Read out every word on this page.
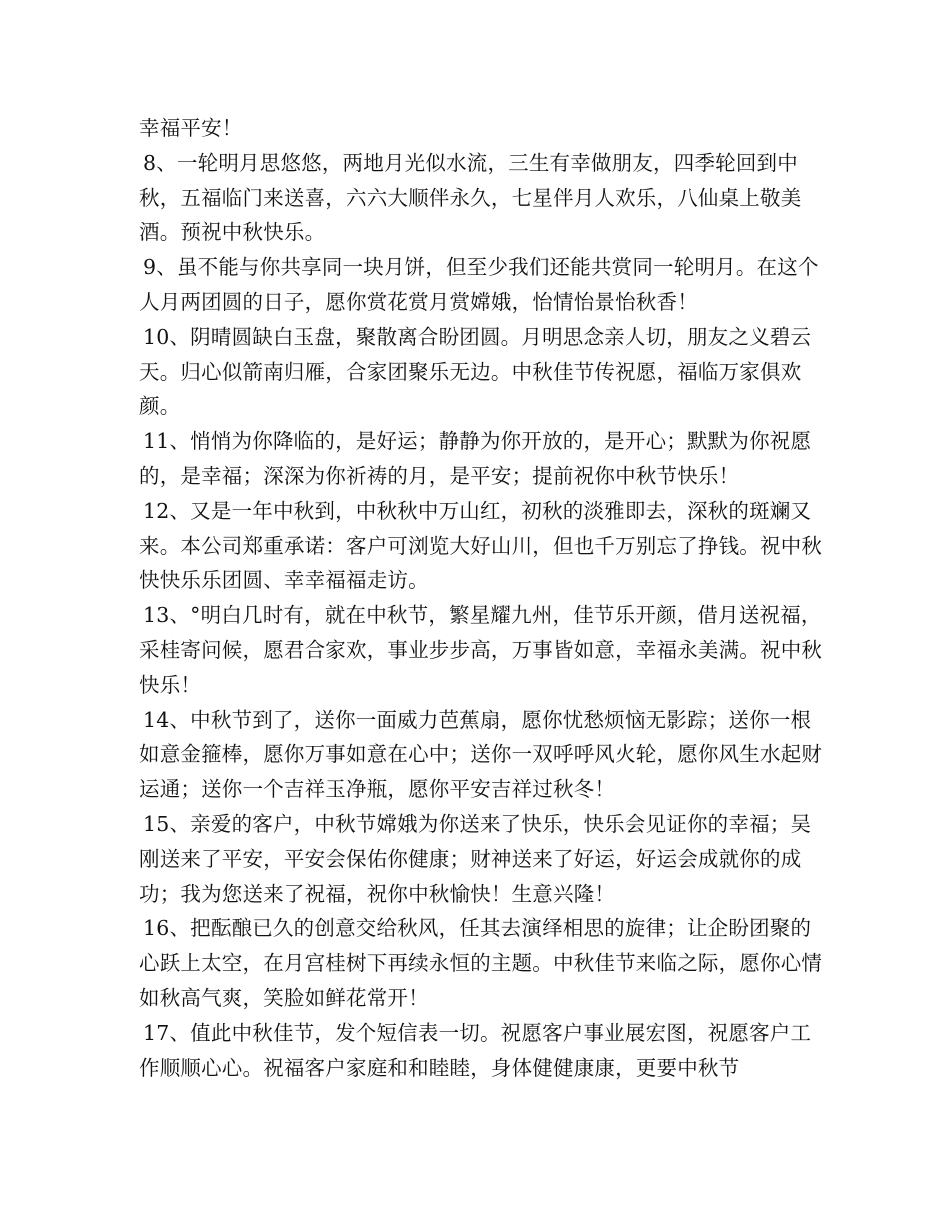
幸福平安！

8、一轮明月思悠悠，两地月光似水流，三生有幸做朋友，四季轮回到中秋，五福临门来送喜，六六大顺伴永久，七星伴月人欢乐，八仙桌上敬美酒。预祝中秋快乐。

9、虽不能与你共享同一块月饼，但至少我们还能共赏同一轮明月。在这个人月两团圆的日子，愿你赏花赏月赏嫦娥，怡情怡景怡秋香！

10、阴晴圆缺白玉盘，聚散离合盼团圆。月明思念亲人切，朋友之义碧云天。归心似箭南归雁，合家团聚乐无边。中秋佳节传祝愿，福临万家俱欢颜。

11、悄悄为你降临的，是好运；静静为你开放的，是开心；默默为你祝愿的，是幸福；深深为你祈祷的月，是平安；提前祝你中秋节快乐！

12、又是一年中秋到，中秋秋中万山红，初秋的淡雅即去，深秋的斑斓又来。本公司郑重承诺：客户可浏览大好山川，但也千万别忘了挣钱。祝中秋快快乐乐团圆、幸幸福福走访。

13、°明白几时有，就在中秋节，繁星耀九州，佳节乐开颜，借月送祝福，采桂寄问候，愿君合家欢，事业步步高，万事皆如意，幸福永美满。祝中秋快乐！

14、中秋节到了，送你一面威力芭蕉扇，愿你忧愁烦恼无影踪；送你一根如意金箍棒，愿你万事如意在心中；送你一双呼呼风火轮，愿你风生水起财运通；送你一个吉祥玉净瓶，愿你平安吉祥过秋冬！

15、亲爱的客户，中秋节嫦娥为你送来了快乐，快乐会见证你的幸福；吴刚送来了平安，平安会保佑你健康；财神送来了好运，好运会成就你的成功；我为您送来了祝福，祝你中秋愉快！生意兴隆！

16、把酝酿已久的创意交给秋风，任其去演绎相思的旋律；让企盼团聚的心跃上太空，在月宫桂树下再续永恒的主题。中秋佳节来临之际，愿你心情如秋高气爽，笑脸如鲜花常开！

17、值此中秋佳节，发个短信表一切。祝愿客户事业展宏图，祝愿客户工作顺顺心心。祝福客户家庭和和睦睦，身体健健康康，更要中秋节
